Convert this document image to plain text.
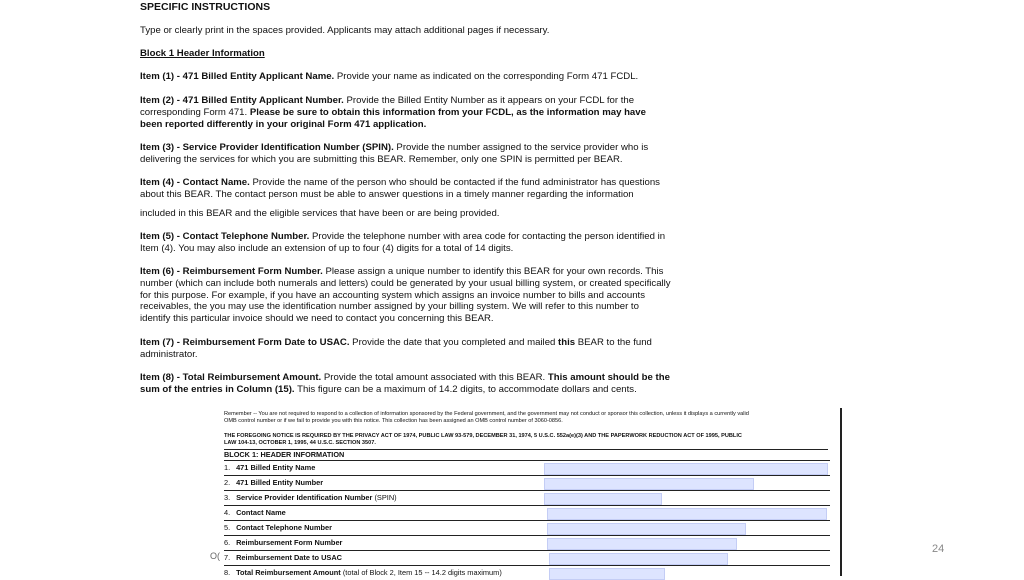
SPECIFIC INSTRUCTIONS
Type or clearly print in the spaces provided. Applicants may attach additional pages if necessary.
Block 1 Header Information
Item (1) - 471 Billed Entity Applicant Name. Provide your name as indicated on the corresponding Form 471 FCDL.
Item (2) - 471 Billed Entity Applicant Number. Provide the Billed Entity Number as it appears on your FCDL for the
corresponding Form 471. Please be sure to obtain this information from your FCDL, as the information may have
been reported differently in your original Form 471 application.
Item (3) - Service Provider Identification Number (SPIN). Provide the number assigned to the service provider who is
delivering the services for which you are submitting this BEAR. Remember, only one SPIN is permitted per BEAR.
Item (4) - Contact Name. Provide the name of the person who should be contacted if the fund administrator has questions
about this BEAR. The contact person must be able to answer questions in a timely manner regarding the information
included in this BEAR and the eligible services that have been or are being provided.
Item (5) - Contact Telephone Number. Provide the telephone number with area code for contacting the person identified in
Item (4). You may also include an extension of up to four (4) digits for a total of 14 digits.
Item (6) - Reimbursement Form Number. Please assign a unique number to identify this BEAR for your own records. This
number (which can include both numerals and letters) could be generated by your usual billing system, or created specifically
for this purpose. For example, if you have an accounting system which assigns an invoice number to bills and accounts
receivables, the you may use the identification number assigned by your billing system. We will refer to this number to
identify this particular invoice should we need to contact you concerning this BEAR.
Item (7) - Reimbursement Form Date to USAC. Provide the date that you completed and mailed this BEAR to the fund
administrator.
Item (8) - Total Reimbursement Amount. Provide the total amount associated with this BEAR. This amount should be the
sum of the entries in Column (15). This figure can be a maximum of 14.2 digits, to accommodate dollars and cents.
Remember -- You are not required to respond to a collection of information sponsored by the Federal government, and the government may not conduct or sponsor this collection, unless it displays a currently valid
OMB control number or if we fail to provide you with this notice. This collection has been assigned an OMB control number of 3060-0856.
THE FOREGOING NOTICE IS REQUIRED BY THE PRIVACY ACT OF 1974, PUBLIC LAW 93-579, DECEMBER 31, 1974, 5 U.S.C. 552a(e)(3) AND THE PAPERWORK REDUCTION ACT OF 1995, PUBLIC
LAW 104-13, OCTOBER 1, 1995, 44 U.S.C. SECTION 3507.
BLOCK 1: HEADER INFORMATION
1. 471 Billed Entity Name
2. 471 Billed Entity Number
3. Service Provider Identification Number (SPIN)
4. Contact Name
5. Contact Telephone Number
6. Reimbursement Form Number
7. Reimbursement Date to USAC
8. Total Reimbursement Amount (total of Block 2, Item 15 -- 14.2 digits maximum)
O(
24
